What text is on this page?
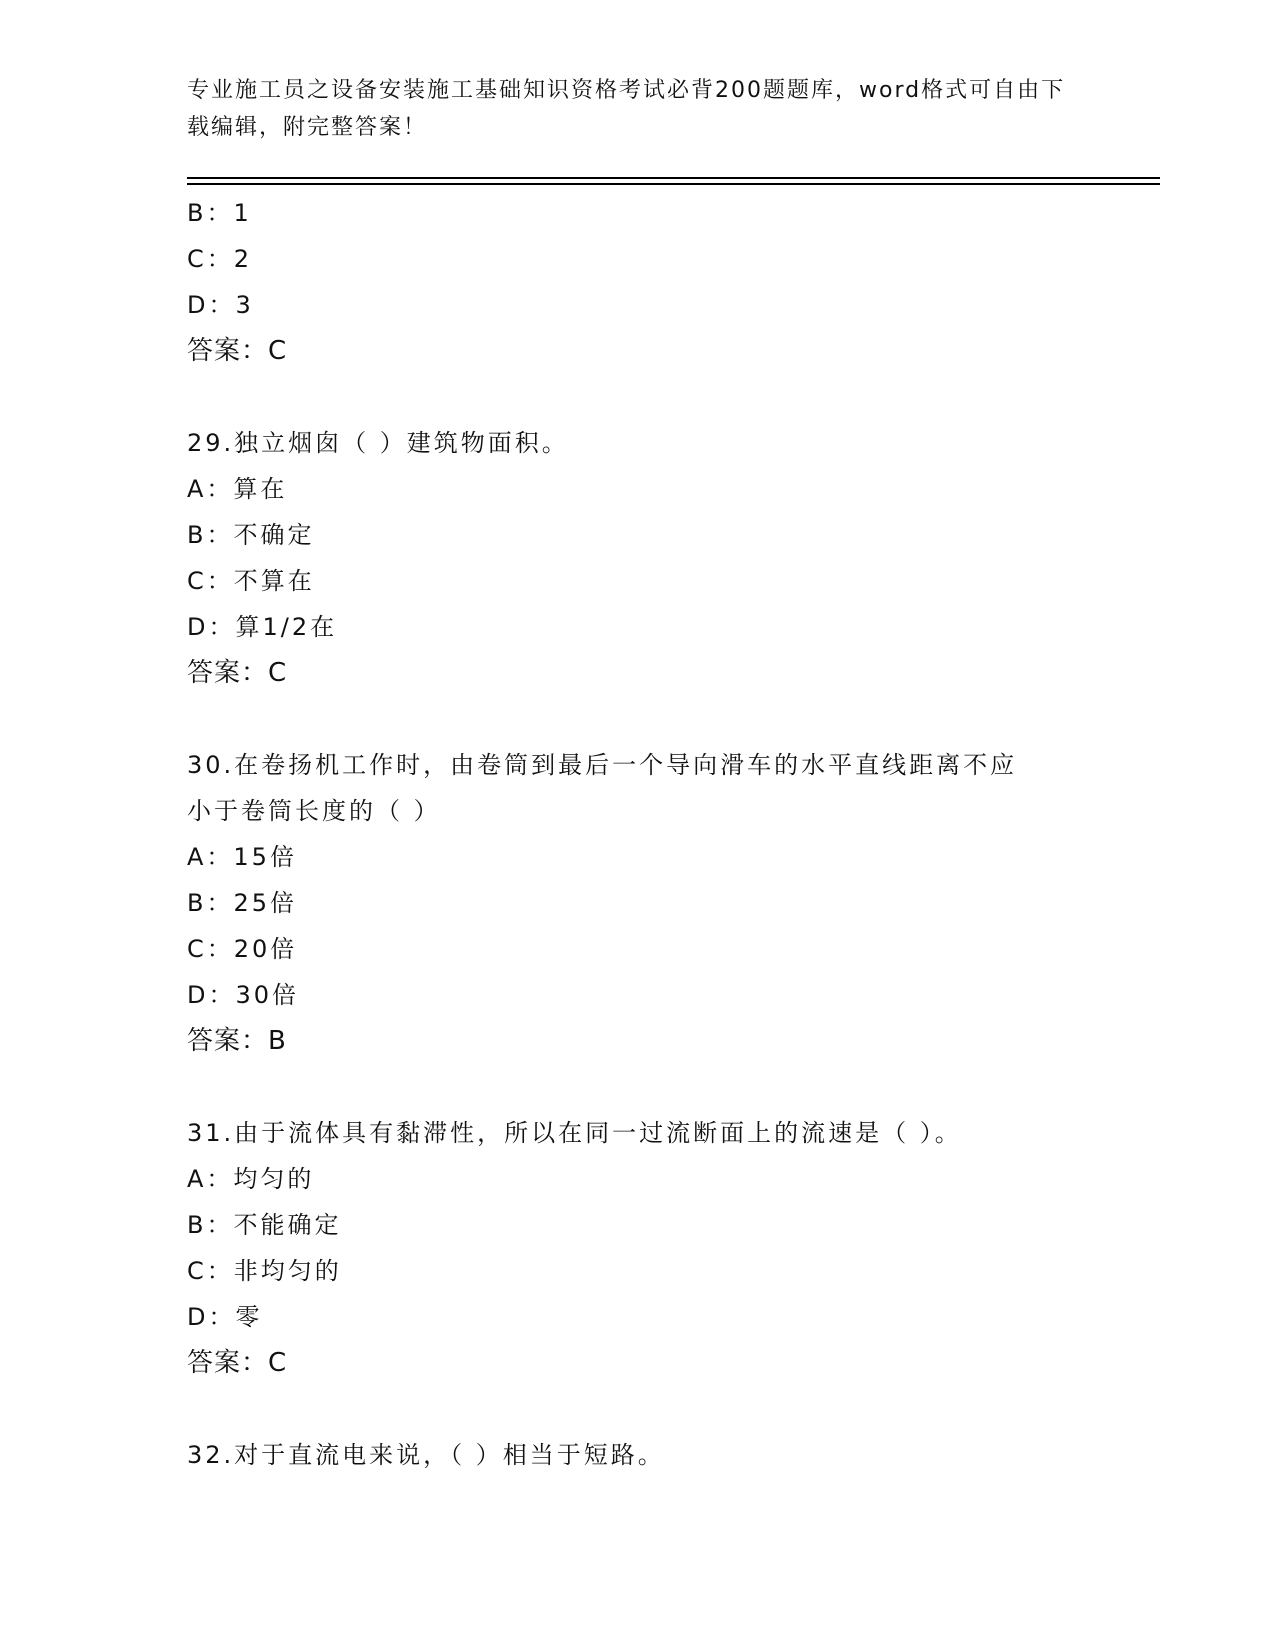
专业施工员之设备安装施工基础知识资格考试必背200题题库，word格式可自由下载编辑，附完整答案！
B：1
C：2
D：3
答案：C
29.独立烟囱（ ）建筑物面积。
A：算在
B：不确定
C：不算在
D：算1/2在
答案：C
30.在卷扬机工作时，由卷筒到最后一个导向滑车的水平直线距离不应
小于卷筒长度的（ ）
A：15倍
B：25倍
C：20倍
D：30倍
答案：B
31.由于流体具有黏滞性，所以在同一过流断面上的流速是（ ）。
A：均匀的
B：不能确定
C：非均匀的
D：零
答案：C
32.对于直流电来说，（ ）相当于短路。
